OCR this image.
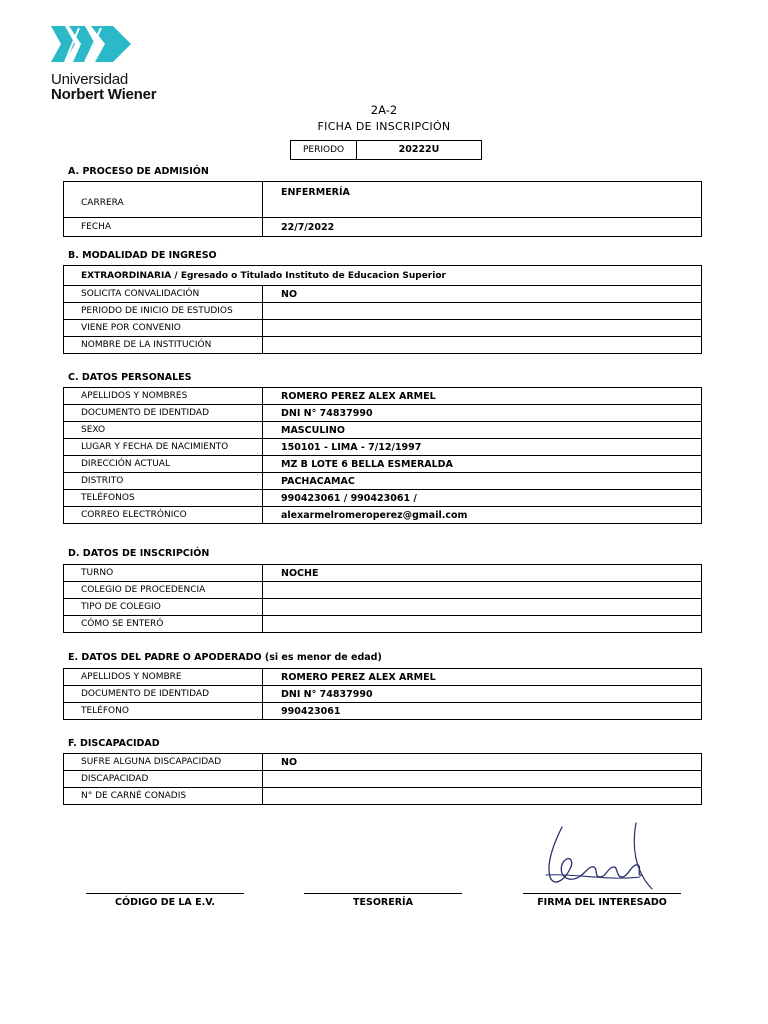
Universidad
Norbert Wiener
2A-2
FICHA DE INSCRIPCIÓN
PERIODO	20222U
A. PROCESO DE ADMISIÓN
CARRERA	ENFERMERÍA
FECHA	22/7/2022
B. MODALIDAD DE INGRESO
EXTRAORDINARIA / Egresado o Titulado Instituto de Educacion Superior	
SOLICITA CONVALIDACIÓN	NO
PERIODO DE INICIO DE ESTUDIOS	
VIENE POR CONVENIO	
NOMBRE DE LA INSTITUCIÓN	
C. DATOS PERSONALES
APELLIDOS Y NOMBRES	ROMERO PEREZ ALEX ARMEL
DOCUMENTO DE IDENTIDAD	DNI N° 74837990
SEXO	MASCULINO
LUGAR Y FECHA DE NACIMIENTO	150101 - LIMA - 7/12/1997
DIRECCIÓN ACTUAL	MZ B LOTE 6 BELLA ESMERALDA
DISTRITO	PACHACAMAC
TELÉFONOS	990423061 / 990423061 /
CORREO ELECTRÓNICO	alexarmelromeroperez@gmail.com
D. DATOS DE INSCRIPCIÓN
TURNO	NOCHE
COLEGIO DE PROCEDENCIA	
TIPO DE COLEGIO	
CÓMO SE ENTERÓ	
E. DATOS DEL PADRE O APODERADO (si es menor de edad)
APELLIDOS Y NOMBRE	ROMERO PEREZ ALEX ARMEL
DOCUMENTO DE IDENTIDAD	DNI N° 74837990
TELÉFONO	990423061
F. DISCAPACIDAD
SUFRE ALGUNA DISCAPACIDAD	NO
DISCAPACIDAD	
N° DE CARNÉ CONADIS	
CÓDIGO DE LA E.V.	TESORERÍA	FIRMA DEL INTERESADO
